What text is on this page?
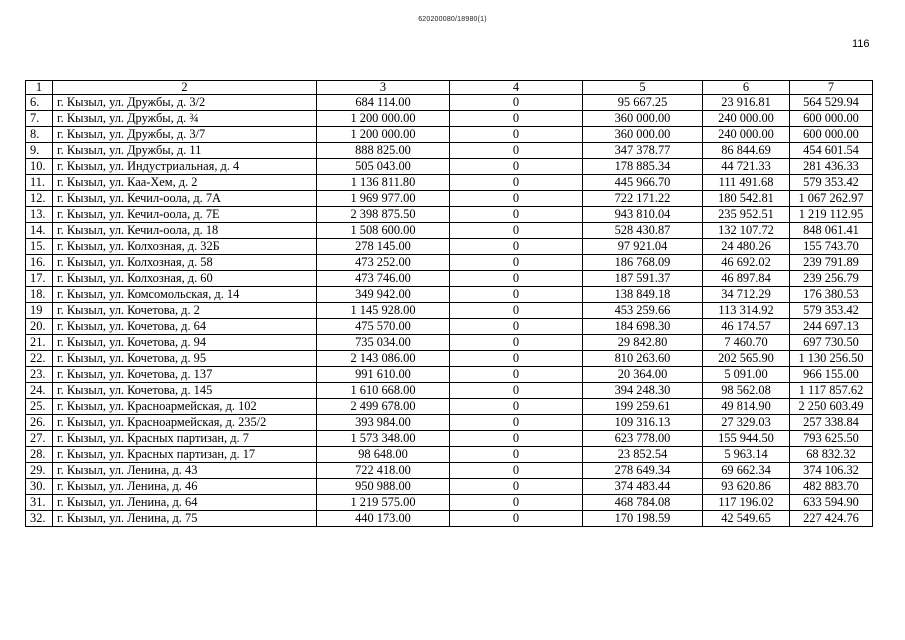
620200080/18980(1)
116
1	2	3	4	5	6	7
6.	г. Кызыл, ул. Дружбы, д. 3/2	684 114.00	0	95 667.25	23 916.81	564 529.94
7.	г. Кызыл, ул. Дружбы, д. ¾	1 200 000.00	0	360 000.00	240 000.00	600 000.00
8.	г. Кызыл, ул. Дружбы, д. 3/7	1 200 000.00	0	360 000.00	240 000.00	600 000.00
9.	г. Кызыл, ул. Дружбы, д. 11	888 825.00	0	347 378.77	86 844.69	454 601.54
10.	г. Кызыл, ул. Индустриальная, д. 4	505 043.00	0	178 885.34	44 721.33	281 436.33
11.	г. Кызыл, ул. Каа-Хем, д. 2	1 136 811.80	0	445 966.70	111 491.68	579 353.42
12.	г. Кызыл, ул. Кечил-оола, д. 7А	1 969 977.00	0	722 171.22	180 542.81	1 067 262.97
13.	г. Кызыл, ул. Кечил-оола, д. 7Е	2 398 875.50	0	943 810.04	235 952.51	1 219 112.95
14.	г. Кызыл, ул. Кечил-оола, д. 18	1 508 600.00	0	528 430.87	132 107.72	848 061.41
15.	г. Кызыл, ул. Колхозная, д. 32Б	278 145.00	0	97 921.04	24 480.26	155 743.70
16.	г. Кызыл, ул. Колхозная, д. 58	473 252.00	0	186 768.09	46 692.02	239 791.89
17.	г. Кызыл, ул. Колхозная, д. 60	473 746.00	0	187 591.37	46 897.84	239 256.79
18.	г. Кызыл, ул. Комсомольская, д. 14	349 942.00	0	138 849.18	34 712.29	176 380.53
19	г. Кызыл, ул. Кочетова, д. 2	1 145 928.00	0	453 259.66	113 314.92	579 353.42
20.	г. Кызыл, ул. Кочетова, д. 64	475 570.00	0	184 698.30	46 174.57	244 697.13
21.	г. Кызыл, ул. Кочетова, д. 94	735 034.00	0	29 842.80	7 460.70	697 730.50
22.	г. Кызыл, ул. Кочетова, д. 95	2 143 086.00	0	810 263.60	202 565.90	1 130 256.50
23.	г. Кызыл, ул. Кочетова, д. 137	991 610.00	0	20 364.00	5 091.00	966 155.00
24.	г. Кызыл, ул. Кочетова, д. 145	1 610 668.00	0	394 248.30	98 562.08	1 117 857.62
25.	г. Кызыл, ул. Красноармейская, д. 102	2 499 678.00	0	199 259.61	49 814.90	2 250 603.49
26.	г. Кызыл, ул. Красноармейская, д. 235/2	393 984.00	0	109 316.13	27 329.03	257 338.84
27.	г. Кызыл, ул. Красных партизан, д. 7	1 573 348.00	0	623 778.00	155 944.50	793 625.50
28.	г. Кызыл, ул. Красных партизан, д. 17	98 648.00	0	23 852.54	5 963.14	68 832.32
29.	г. Кызыл, ул. Ленина, д. 43	722 418.00	0	278 649.34	69 662.34	374 106.32
30.	г. Кызыл, ул. Ленина, д. 46	950 988.00	0	374 483.44	93 620.86	482 883.70
31.	г. Кызыл, ул. Ленина, д. 64	1 219 575.00	0	468 784.08	117 196.02	633 594.90
32.	г. Кызыл, ул. Ленина, д. 75	440 173.00	0	170 198.59	42 549.65	227 424.76
